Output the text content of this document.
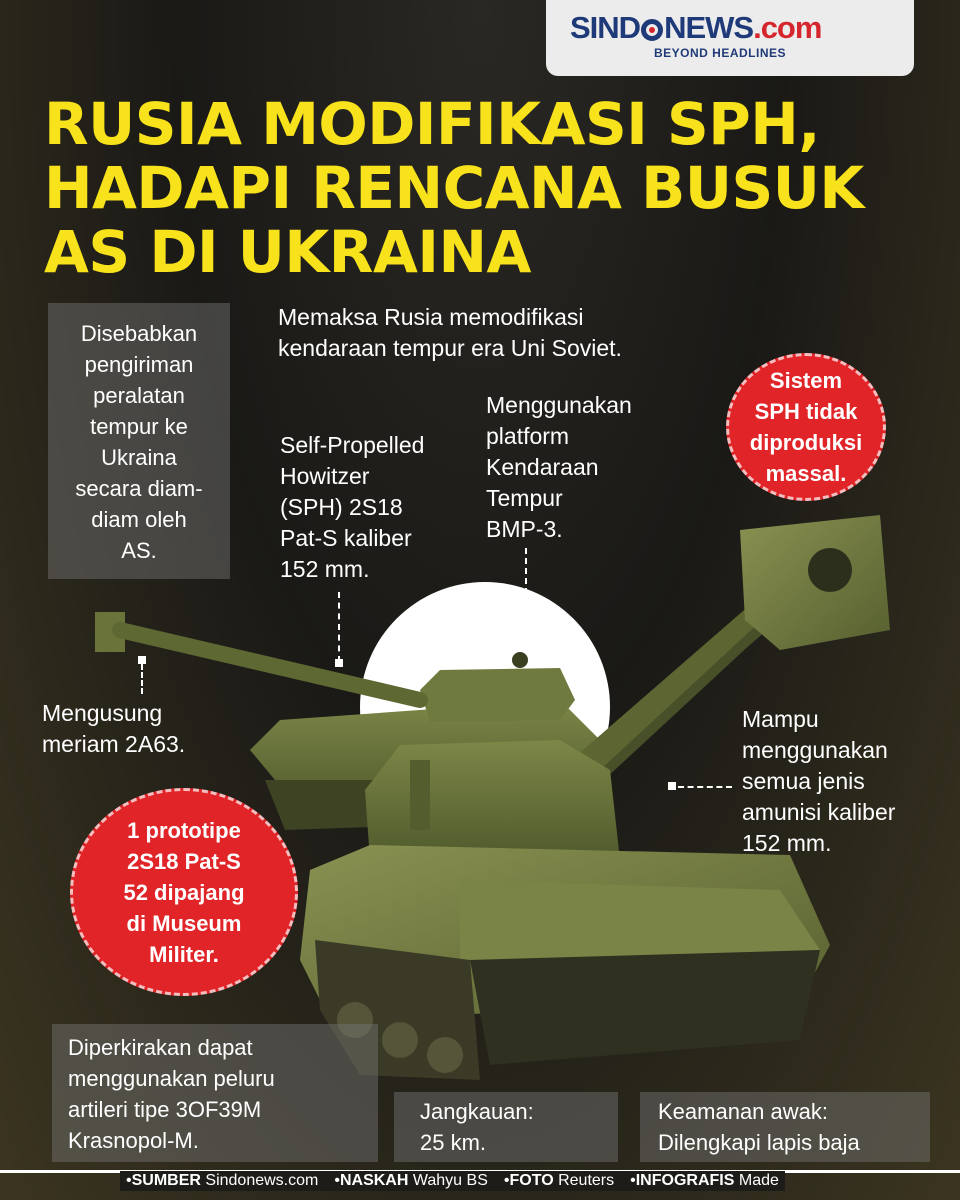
SIND NEWS.com
BEYOND HEADLINES
RUSIA MODIFIKASI SPH,
HADAPI RENCANA BUSUK
AS DI UKRAINA
Disebabkan
pengiriman
peralatan
tempur ke
Ukraina
secara diam-
diam oleh
AS.
Memaksa Rusia memodifikasi
kendaraan tempur era Uni Soviet.
Menggunakan
platform
Kendaraan
Tempur
BMP-3.
Sistem
SPH tidak
diproduksi
massal.
Self-Propelled
Howitzer
(SPH) 2S18
Pat-S kaliber
152 mm.
Mengusung
meriam 2A63.
Mampu
menggunakan
semua jenis
amunisi kaliber
152 mm.
1 prototipe
2S18 Pat-S
52 dipajang
di Museum
Militer.
Diperkirakan dapat
menggunakan peluru
artileri tipe 3OF39M
Krasnopol-M.
Jangkauan:
25 km.
Keamanan awak:
Dilengkapi lapis baja
•SUMBER Sindonews.com •NASKAH Wahyu BS •FOTO Reuters •INFOGRAFIS Made
